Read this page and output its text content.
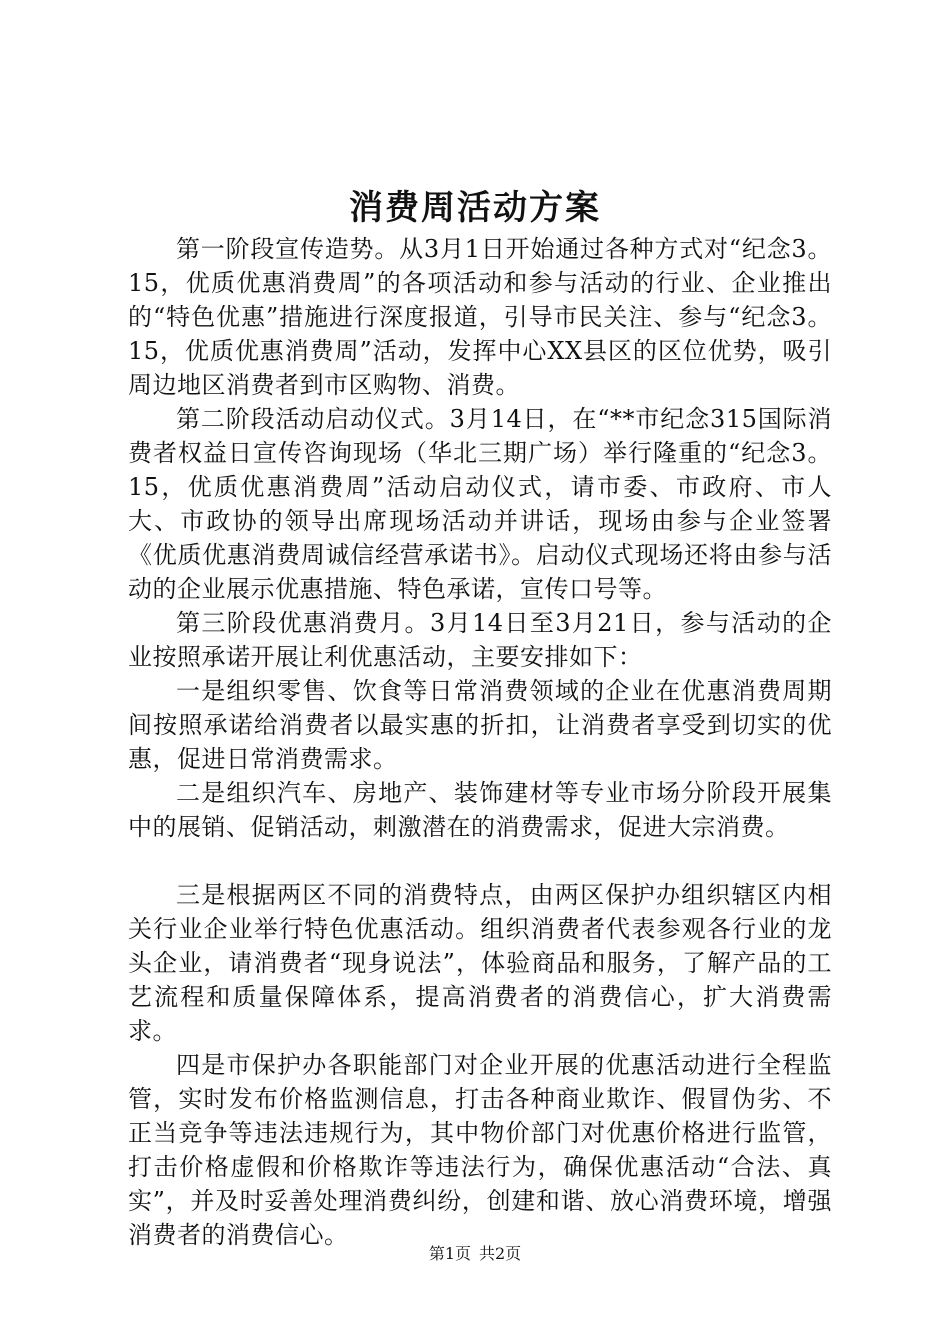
消费周活动方案

第一阶段宣传造势。从3月1日开始通过各种方式对“纪念3。15，优质优惠消费周”的各项活动和参与活动的行业、企业推出的“特色优惠”措施进行深度报道，引导市民关注、参与“纪念3。15，优质优惠消费周”活动，发挥中心XX县区的区位优势，吸引周边地区消费者到市区购物、消费。

第二阶段活动启动仪式。3月14日，在“**市纪念315国际消费者权益日宣传咨询现场（华北三期广场）举行隆重的“纪念3。15，优质优惠消费周”活动启动仪式，请市委、市政府、市人大、市政协的领导出席现场活动并讲话，现场由参与企业签署《优质优惠消费周诚信经营承诺书》。启动仪式现场还将由参与活动的企业展示优惠措施、特色承诺，宣传口号等。

第三阶段优惠消费月。3月14日至3月21日，参与活动的企业按照承诺开展让利优惠活动，主要安排如下：

一是组织零售、饮食等日常消费领域的企业在优惠消费周期间按照承诺给消费者以最实惠的折扣，让消费者享受到切实的优惠，促进日常消费需求。

二是组织汽车、房地产、装饰建材等专业市场分阶段开展集中的展销、促销活动，刺激潜在的消费需求，促进大宗消费。

三是根据两区不同的消费特点，由两区保护办组织辖区内相关行业企业举行特色优惠活动。组织消费者代表参观各行业的龙头企业，请消费者“现身说法”，体验商品和服务，了解产品的工艺流程和质量保障体系，提高消费者的消费信心，扩大消费需求。

四是市保护办各职能部门对企业开展的优惠活动进行全程监管，实时发布价格监测信息，打击各种商业欺诈、假冒伪劣、不正当竞争等违法违规行为，其中物价部门对优惠价格进行监管，打击价格虚假和价格欺诈等违法行为，确保优惠活动“合法、真实”，并及时妥善处理消费纠纷，创建和谐、放心消费环境，增强消费者的消费信心。

第1页 共2页
